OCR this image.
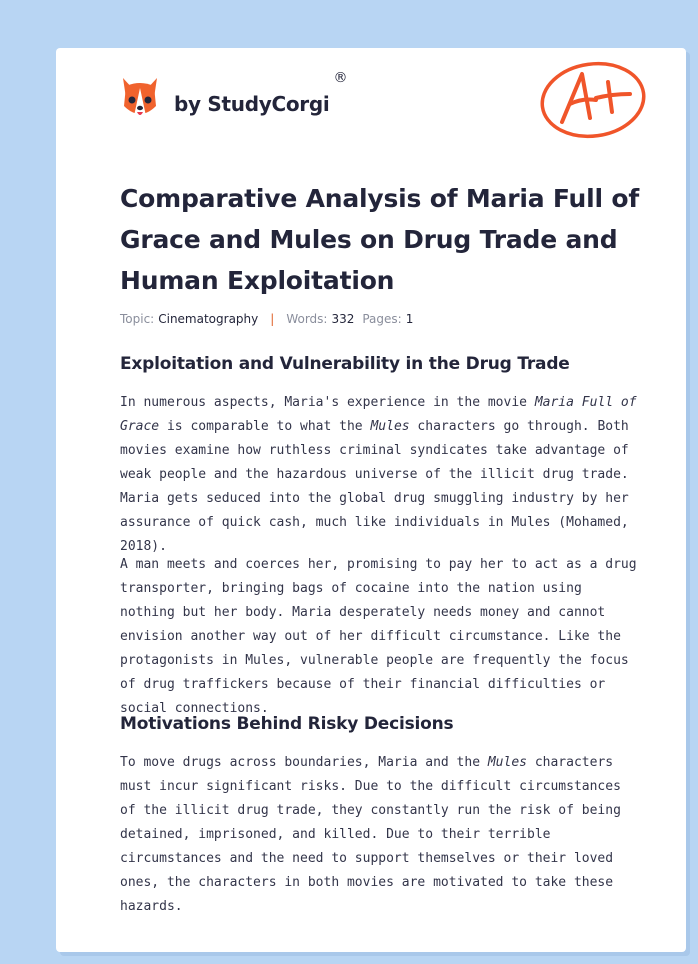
by StudyCorgi
®
Comparative Analysis of Maria Full of Grace and Mules on Drug Trade and Human Exploitation
Topic: Cinematography | Words: 332 Pages: 1
Exploitation and Vulnerability in the Drug Trade

In numerous aspects, Maria's experience in the movie Maria Full of Grace is comparable to what the Mules characters go through. Both movies examine how ruthless criminal syndicates take advantage of weak people and the hazardous universe of the illicit drug trade. Maria gets seduced into the global drug smuggling industry by her assurance of quick cash, much like individuals in Mules (Mohamed, 2018).

A man meets and coerces her, promising to pay her to act as a drug transporter, bringing bags of cocaine into the nation using nothing but her body. Maria desperately needs money and cannot envision another way out of her difficult circumstance. Like the protagonists in Mules, vulnerable people are frequently the focus of drug traffickers because of their financial difficulties or social connections.

Motivations Behind Risky Decisions

To move drugs across boundaries, Maria and the Mules characters must incur significant risks. Due to the difficult circumstances of the illicit drug trade, they constantly run the risk of being detained, imprisoned, and killed. Due to their terrible circumstances and the need to support themselves or their loved ones, the characters in both movies are motivated to take these hazards.
